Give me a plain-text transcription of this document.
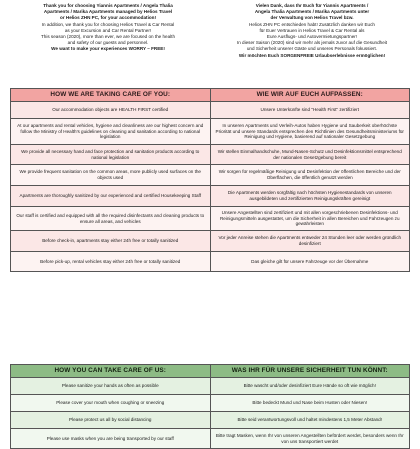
Thank you for choosing Yiannis Apartments / Angela Thalia

Apartments / Marika Apartments managed by Helios Travel

or Helios ZHN PC, for your accommodation!

In addition, we thank you for choosing Helios Travel & Car Rental

as your Excursion and Car Rental Partner!

This season (2020), more than ever, we are focused on the health

and safety of our guests and personnel.

We want to make your experiences WORRY – FREE!

Vielen Dank, dass Ihr Euch für Yiannis Apartments /

Angela Thalia Apartments / Marika Apartments unter

der Verwaltung von Helios Travel bzw.

Helios ZHN PC entschieden habt! Zusätzlich danken wir Euch

für Euer Vertrauen in Helios Travel & Car Rental als

Eure Ausflugs- und Autovermietungspartner!

In dieser Saison (2020) sind wir mehr als jemals zuvor auf die Gesundheit

und Sicherheit unserer Gäste und unseres Personals fokussiert.

Wir möchten Euch SORGENFREIE Urlaubserlebnisse ermöglichen!

HOW WE ARE TAKING CARE OF YOU:	WIE WIR AUF EUCH AUFPASSEN:
Our accommodation objects are HEALTH FIRST certified	Unsere Unterkünfte sind "Health First" zertifiziert
At our apartments and rental vehicles, hygiene and cleanliness are our highest concern and follow the Ministry of Health's guidelines on cleaning and sanitation according to national legislation	In unseren Apartments und Verleih-Autos haben Hygiene und Sauberkeit oberhöchste Priorität und unsere Standards entsprechen den Richtlinien des Gesundheitsministeriums für Reinigung und Hygiene, basierend auf nationaler Gesetzgebung
We provide all necessary hand and face protection and sanitation products according to national legislation	Wir stellen Einmalhandschuhe, Mund-Nasen-Schutz und Desinfektionsmittel entsprechend der nationalen Gesetzgebung bereit
We provide frequent sanitation on the common areas, more publicly used surfaces on the objects used	Wir sorgen für regelmäßige Reinigung und Desinfektion der öffentlichen Bereiche und der Oberflächen, die öffentlich genutzt werden
Apartments are thoroughly sanitized by our experienced and certified Housekeeping Staff	Die Apartments werden sorgfältig nach höchsten Hygienestandards von unseren ausgebildeten und zertifizierten Reinigungskräften gereinigt
Our staff is certified and equipped with all the required disinfectants and cleaning products to ensure all areas, and vehicles	Unsere Angestellten sind zertifiziert und mit allen vorgeschriebenen Desinfektions- und Reinigungsmitteln ausgestattet, um die Sicherheit in allen Bereichen und Fahrzeugen zu gewährleisten
Before check-in, apartments stay either 24h free or totally sanitized	Vor jeder Anreise stehen die Apartments entweder 24 Stunden leer oder werden gründlich desinfiziert
Before pick-up, rental vehicles stay either 24h free or totally sanitized	Das gleiche gilt für unsere Fahrzeuge vor der Übernahme
HOW YOU CAN TAKE CARE OF US:	WAS IHR FÜR UNSERE SICHERHEIT TUN KÖNNT:
Please sanitize your hands as often as possible	Bitte wascht und/oder desinfiziert Eure Hände so oft wie möglich!
Please cover your mouth when coughing or sneezing	Bitte bedeckt Mund und Nase beim Husten oder Niesen!
Please protect us all by social distancing	Bitte seid verantwortungsvoll und haltet mindestens 1,5 Meter Abstand!
Please use masks when you are being transported by our staff	Bitte tragt Masken, wenn Ihr von unseren Angestellten befördert werdet, besonders wenn Ihr von uns transportiert werdet
